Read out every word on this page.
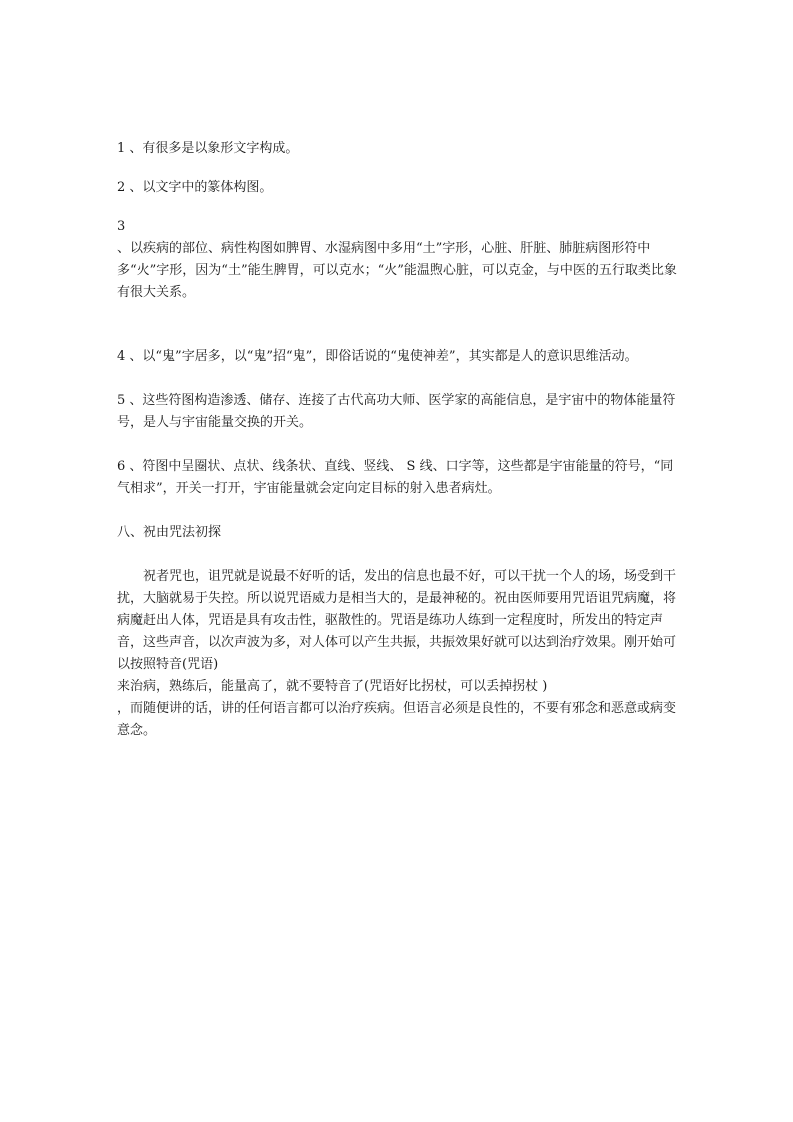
1 、有很多是以象形文字构成。

2 、以文字中的篆体构图。

3

、以疾病的部位、病性构图如脾胃、水湿病图中多用“土”字形，心脏、肝脏、肺脏病图形符中多“火”字形，因为“土”能生脾胃，可以克水；“火”能温煦心脏，可以克金，与中医的五行取类比象有很大关系。

4 、以“鬼”字居多，以“鬼”招“鬼”，即俗话说的“鬼使神差”，其实都是人的意识思维活动。

5 、这些符图构造渗透、储存、连接了古代高功大师、医学家的高能信息，是宇宙中的物体能量符号，是人与宇宙能量交换的开关。

6 、符图中呈圈状、点状、线条状、直线、竖线、 S 线、口字等，这些都是宇宙能量的符号，“同气相求”，开关一打开，宇宙能量就会定向定目标的射入患者病灶。

八、祝由咒法初探

祝者咒也，诅咒就是说最不好听的话，发出的信息也最不好，可以干扰一个人的场，场受到干扰，大脑就易于失控。所以说咒语威力是相当大的，是最神秘的。祝由医师要用咒语诅咒病魔，将病魔赶出人体，咒语是具有攻击性，驱散性的。咒语是练功人练到一定程度时，所发出的特定声音，这些声音，以次声波为多，对人体可以产生共振，共振效果好就可以达到治疗效果。刚开始可以按照特音(咒语)

来治病，熟练后，能量高了，就不要特音了(咒语好比拐杖，可以丢掉拐杖 )

，而随便讲的话，讲的任何语言都可以治疗疾病。但语言必须是良性的，不要有邪念和恶意或病变意念。
